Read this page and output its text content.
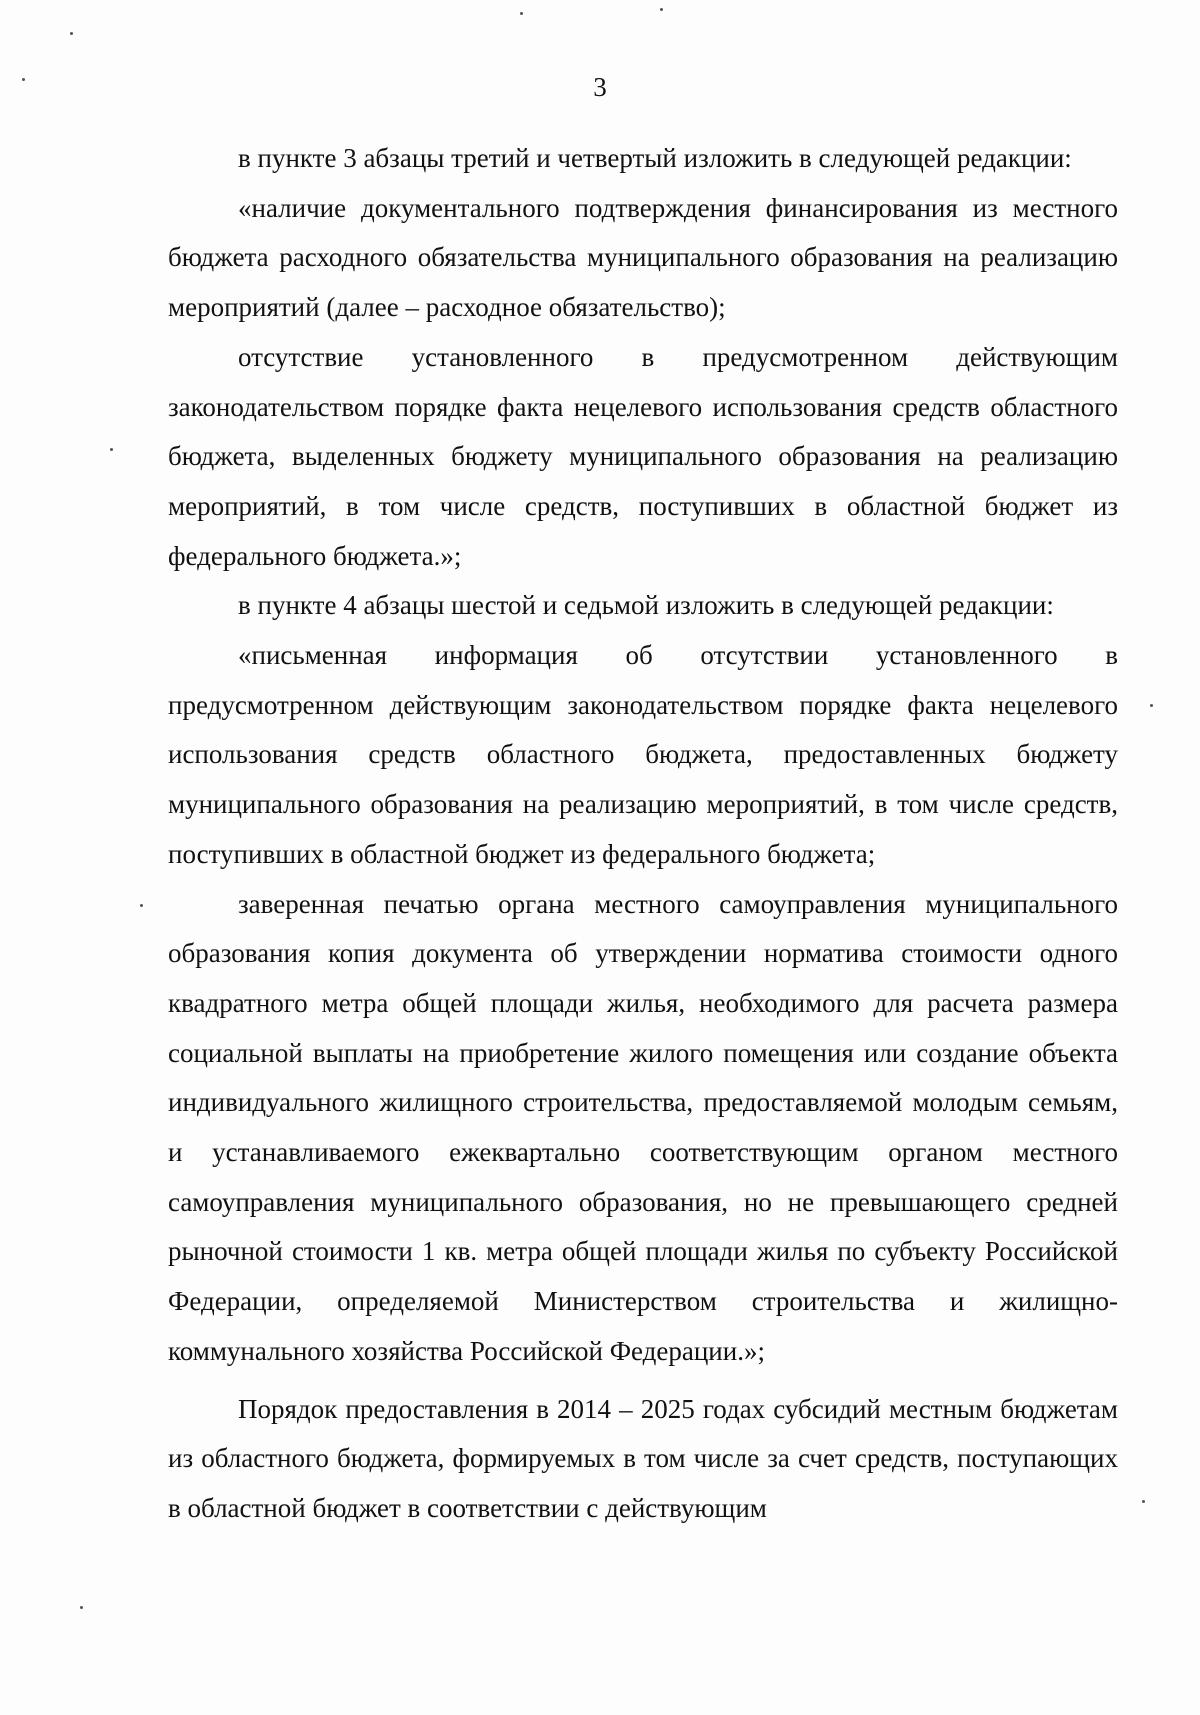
3

в пункте 3 абзацы третий и четвертый изложить в следующей редакции:

«наличие документального подтверждения финансирования из местного бюджета расходного обязательства муниципального образования на реализацию мероприятий (далее – расходное обязательство);

отсутствие установленного в предусмотренном действующим законодательством порядке факта нецелевого использования средств областного бюджета, выделенных бюджету муниципального образования на реализацию мероприятий, в том числе средств, поступивших в областной бюджет из федерального бюджета.»;

в пункте 4 абзацы шестой и седьмой изложить в следующей редакции:

«письменная информация об отсутствии установленного в предусмотренном действующим законодательством порядке факта нецелевого использования средств областного бюджета, предоставленных бюджету муниципального образования на реализацию мероприятий, в том числе средств, поступивших в областной бюджет из федерального бюджета;

заверенная печатью органа местного самоуправления муниципального образования копия документа об утверждении норматива стоимости одного квадратного метра общей площади жилья, необходимого для расчета размера социальной выплаты на приобретение жилого помещения или создание объекта индивидуального жилищного строительства, предоставляемой молодым семьям, и устанавливаемого ежеквартально соответствующим органом местного самоуправления муниципального образования, но не превышающего средней рыночной стоимости 1 кв. метра общей площади жилья по субъекту Российской Федерации, определяемой Министерством строительства и жилищно-коммунального хозяйства Российской Федерации.»;

Порядок предоставления в 2014 – 2025 годах субсидий местным бюджетам из областного бюджета, формируемых в том числе за счет средств, поступающих в областной бюджет в соответствии с действующим
